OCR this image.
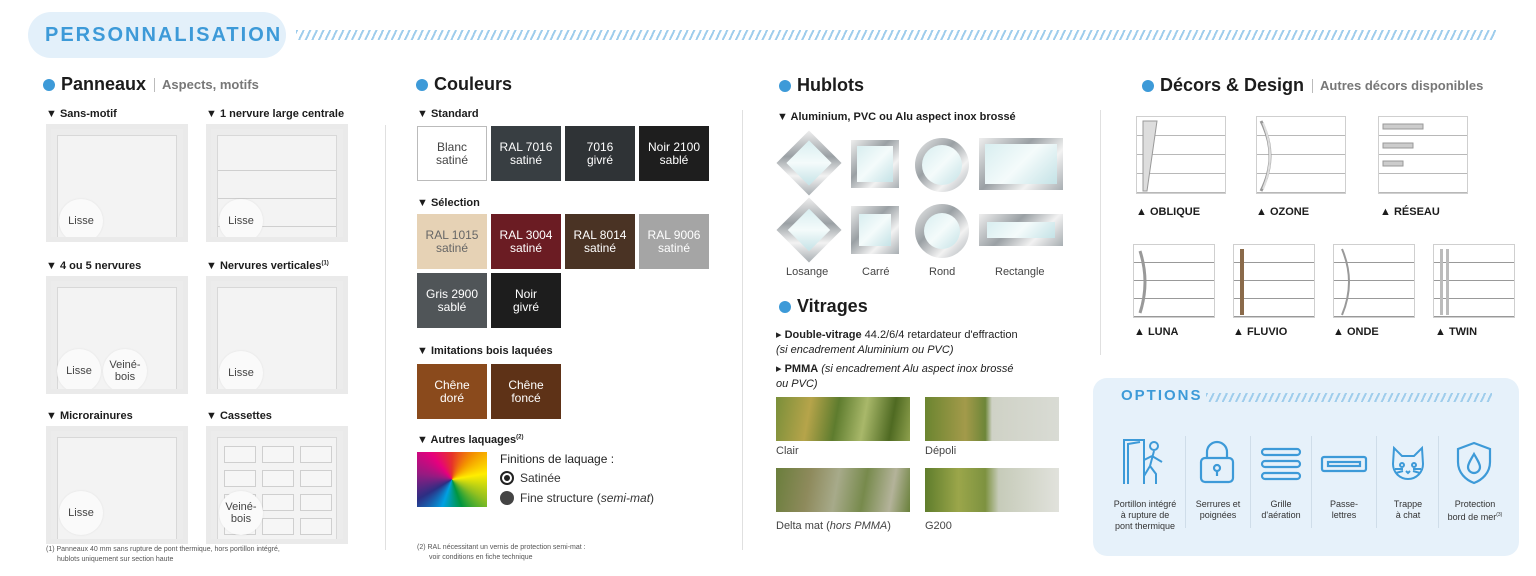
PERSONNALISATION
Panneaux	Aspects, motifs
▼ Sans-motif
Lisse
▼ 1 nervure large centrale
Lisse
▼ 4 ou 5 nervures
Lisse	Veiné-
bois
▼ Nervures verticales$^{(1)}$
Lisse
▼ Microrainures
Lisse
▼ Cassettes
Veiné-
bois
(1) Panneaux 40 mm sans rupture de pont thermique, hors portillon intégré,
hublots uniquement sur section haute
Couleurs
▼ Standard
Blanc
satiné
RAL 7016
satiné
7016
givré
Noir 2100
sablé
▼ Sélection
RAL 1015
satiné
RAL 3004
satiné
RAL 8014
satiné
RAL 9006
satiné
Gris 2900
sablé
Noir
givré
▼ Imitations bois laquées
Chêne
doré
Chêne
foncé
▼ Autres laquages$^{(2)}$
Finitions de laquage :
Satinée
Fine structure ( semi-mat )
(2) RAL nécessitant un vernis de protection semi-mat :
voir conditions en fiche technique
Hublots
▼ Aluminium, PVC ou Alu aspect inox brossé
Losange	Carré	Rond	Rectangle
Vitrages
▸ Double-vitrage 44.2/6/4 retardateur d'effraction
(si encadrement Aluminium ou PVC)
▸ PMMA (si encadrement Alu aspect inox brossé
ou PVC)
Clair	Dépoli
Delta mat (hors PMMA)	G200
Décors & Design	Autres décors disponibles
▲ OBLIQUE	▲ OZONE	▲ RÉSEAU
▲ LUNA	▲ FLUVIO	▲ ONDE	▲ TWIN
OPTIONS
Portillon intégré
à rupture de
pont thermique
Serrures et
poignées
Grille
d'aération
Passe-
lettres
Trappe
à chat
Protection
bord de mer$^{(3)}$
